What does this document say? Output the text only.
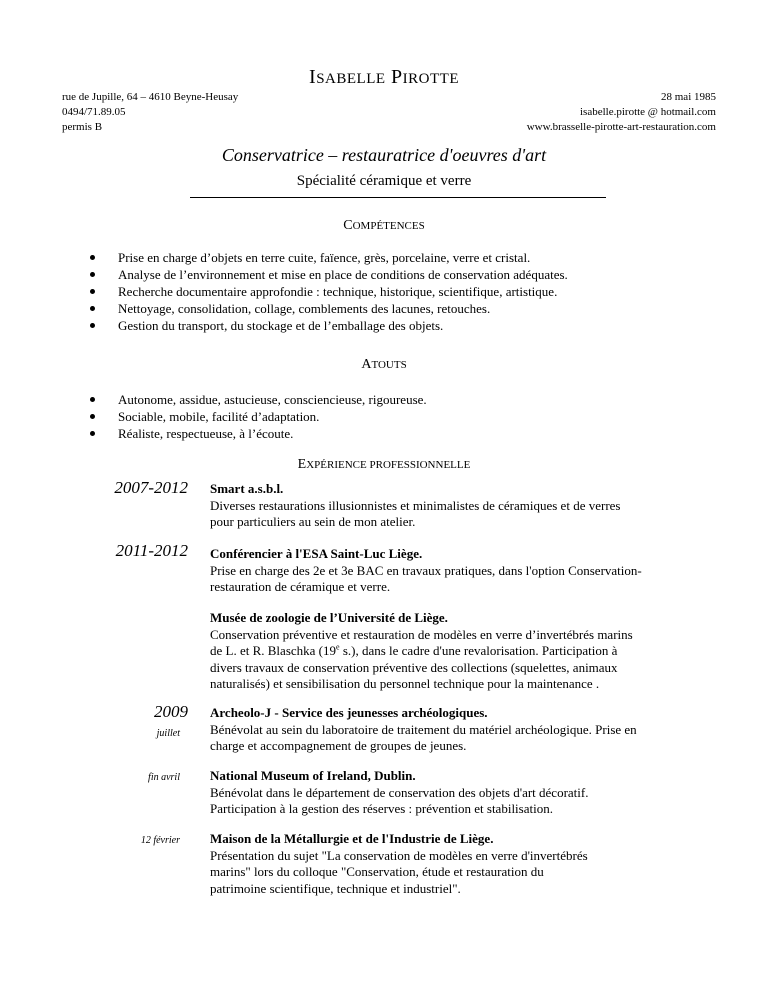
ISABELLE PIROTTE
rue de Jupille, 64 – 4610 Beyne-Heusay
0494/71.89.05
permis B
28 mai 1985
isabelle.pirotte @ hotmail.com
www.brasselle-pirotte-art-restauration.com
Conservatrice – restauratrice d'oeuvres d'art
Spécialité céramique et verre
COMPÉTENCES
Prise en charge d’objets en terre cuite, faïence, grès, porcelaine, verre et cristal.
Analyse de l’environnement et mise en place de conditions de conservation adéquates.
Recherche documentaire approfondie : technique, historique, scientifique, artistique.
Nettoyage, consolidation, collage, comblements des lacunes, retouches.
Gestion du transport, du stockage et de l’emballage des objets.
ATOUTS
Autonome, assidue, astucieuse, consciencieuse, rigoureuse.
Sociable, mobile, facilité d’adaptation.
Réaliste, respectueuse, à l’écoute.
EXPÉRIENCE PROFESSIONNELLE
2007-2012 Smart a.s.b.l.
Diverses restaurations illusionnistes et minimalistes de céramiques et de verres
pour particuliers au sein de mon atelier.
2011-2012 Conférencier à l'ESA Saint-Luc Liège.
Prise en charge des 2e et 3e BAC en travaux pratiques, dans l'option Conservation-
restauration de céramique et verre.
Musée de zoologie de l’Université de Liège.
Conservation préventive et restauration de modèles en verre d’invertébrés marins
de L. et R. Blaschka (19e s.), dans le cadre d'une revalorisation. Participation à
divers travaux de conservation préventive des collections (squelettes, animaux
naturalisés) et sensibilisation du personnel technique pour la maintenance .
2009
juillet
Archeolo-J - Service des jeunesses archéologiques.
Bénévolat au sein du laboratoire de traitement du matériel archéologique. Prise en
charge et accompagnement de groupes de jeunes.
fin avril National Museum of Ireland, Dublin.
Bénévolat dans le département de conservation des objets d'art décoratif.
Participation à la gestion des réserves : prévention et stabilisation.
12 février Maison de la Métallurgie et de l'Industrie de Liège.
Présentation du sujet "La conservation de modèles en verre d'invertébrés
marins" lors du colloque "Conservation, étude et restauration du
patrimoine scientifique, technique et industriel".
